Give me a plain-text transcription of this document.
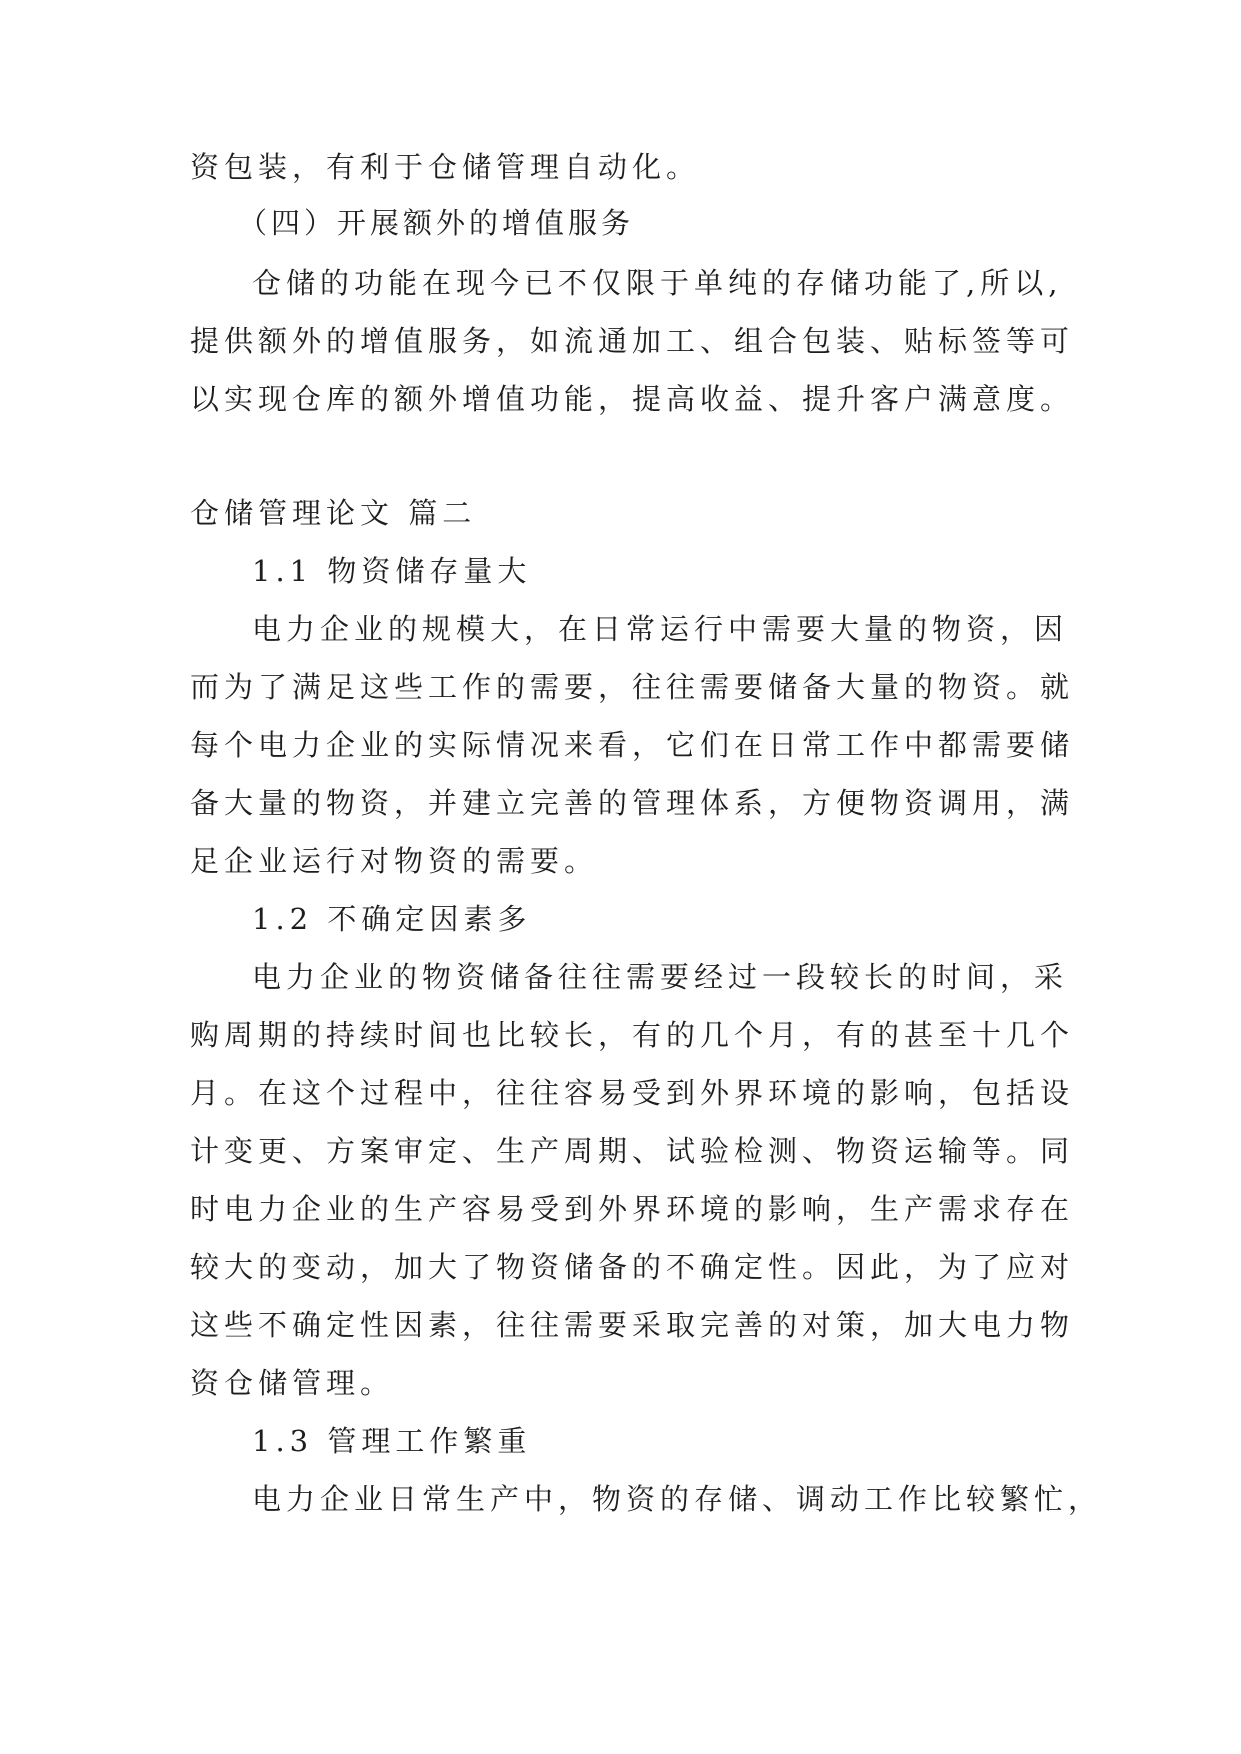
资包装，有利于仓储管理自动化。
（四）开展额外的增值服务
仓储的功能在现今已不仅限于单纯的存储功能了,所以,
提供额外的增值服务，如流通加工、组合包装、贴标签等可
以实现仓库的额外增值功能，提高收益、提升客户满意度。
仓储管理论文 篇二
1.1 物资储存量大
电力企业的规模大，在日常运行中需要大量的物资，因
而为了满足这些工作的需要，往往需要储备大量的物资。就
每个电力企业的实际情况来看，它们在日常工作中都需要储
备大量的物资，并建立完善的管理体系，方便物资调用，满
足企业运行对物资的需要。
1.2 不确定因素多
电力企业的物资储备往往需要经过一段较长的时间，采
购周期的持续时间也比较长，有的几个月，有的甚至十几个
月。在这个过程中，往往容易受到外界环境的影响，包括设
计变更、方案审定、生产周期、试验检测、物资运输等。同
时电力企业的生产容易受到外界环境的影响，生产需求存在
较大的变动，加大了物资储备的不确定性。因此，为了应对
这些不确定性因素，往往需要采取完善的对策，加大电力物
资仓储管理。
1.3 管理工作繁重
电力企业日常生产中，物资的存储、调动工作比较繁忙，
